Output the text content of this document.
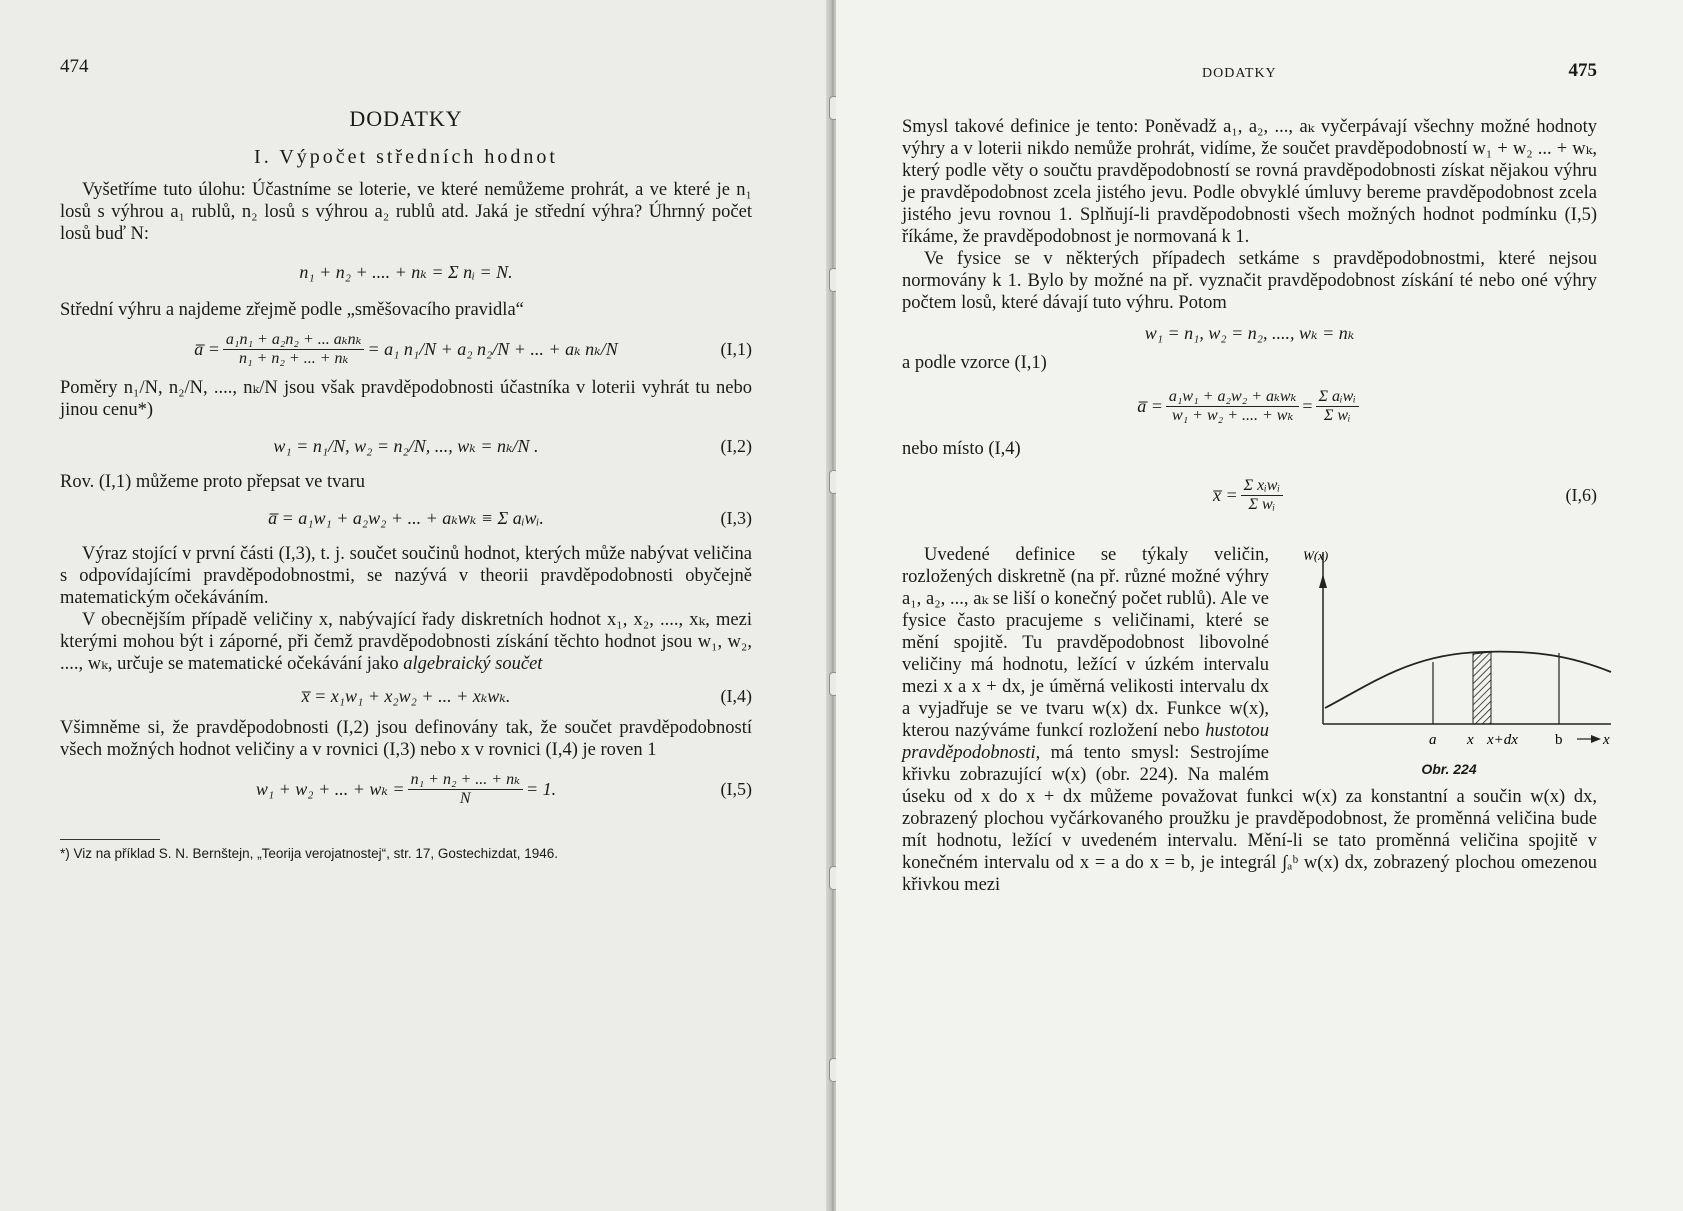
474
DODATKY
I. Výpočet středních hodnot

Vyšetříme tuto úlohu: Účastníme se loterie, ve které nemůžeme prohrát, a ve které je n₁ losů s výhrou a₁ rublů, n₂ losů s výhrou a₂ rublů atd. Jaká je střední výhra? Úhrnný počet losů buď N:

n₁ + n₂ + .... + nₖ = Σ nᵢ = N.

Střední výhru a najdeme zřejmě podle „směšovacího pravidla“

a̅ = $\frac{\text{a₁n₁ + a₂n₂ + ... aₖnₖ}}{\text{n₁ + n₂ + ... + nₖ}} = a_1$ n₁/N + a₂ n₂/N + ... + aₖ nₖ/N	(I,1)

Poměry n₁/N, n₂/N, ...., nₖ/N jsou však pravděpodobnosti účastníka v loterii vyhrát tu nebo jinou cenu*)

w₁ = n₁/N, w₂ = n₂/N, ..., wₖ = nₖ/N .	(I,2)

Rov. (I,1) můžeme proto přepsat ve tvaru

a̅ = a₁w₁ + a₂w₂ + ... + aₖwₖ ≡ Σ aᵢwᵢ.	(I,3)

Výraz stojící v první části (I,3), t. j. součet součinů hodnot, kterých může nabývat veličina s odpovídajícími pravděpodobnostmi, se nazývá v theorii pravděpodobnosti obyčejně matematickým očekáváním.

V obecnějším případě veličiny x, nabývající řady diskretních hodnot x₁, x₂, ...., xₖ, mezi kterými mohou být i záporné, při čemž pravděpodobnosti získání těchto hodnot jsou w₁, w₂, ...., wₖ, určuje se matematické očekávání jako algebraický součet

x̅ = x₁w₁ + x₂w₂ + ... + xₖwₖ.	(I,4)

Všimněme si, že pravděpodobnosti (I,2) jsou definovány tak, že součet pravděpodobností všech možných hodnot veličiny a v rovnici (I,3) nebo x v rovnici (I,4) je roven 1

w₁ + w₂ + ... + $w_k = \frac{\text{n₁ + n₂ + ... + nₖ}}{N} = 1$.	(I,5)
*) Viz na příklad S. N. Bernštejn, „Teorija verojatnostej“, str. 17, Gostechizdat, 1946.
DODATKY	475

Smysl takové definice je tento: Poněvadž a₁, a₂, ..., aₖ vyčerpávají všechny možné hodnoty výhry a v loterii nikdo nemůže prohrát, vidíme, že součet pravděpodobností w₁ + w₂ ... + wₖ, který podle věty o součtu pravděpodobností se rovná pravděpodobnosti získat nějakou výhru je pravděpodobnost zcela jistého jevu. Podle obvyklé úmluvy bereme pravděpodobnost zcela jistého jevu rovnou 1. Splňují-li pravděpodobnosti všech možných hodnot podmínku (I,5) říkáme, že pravděpodobnost je normovaná k 1.

Ve fysice se v některých případech setkáme s pravděpodobnostmi, které nejsou normovány k 1. Bylo by možné na př. vyznačit pravděpodobnost získání té nebo oné výhry počtem losů, které dávají tuto výhru. Potom

w₁ = n₁, w₂ = n₂, ...., wₖ = nₖ

a podle vzorce (I,1)

a̅ = $\frac{\text{a₁w₁ + a₂w₂ + aₖwₖ}}{\text{w₁ + w₂ + .... + wₖ}} = \frac{\text{Σ aᵢwᵢ}}{\text{Σ wᵢ}}$

nebo místo (I,4)

x̅ = $\frac{\text{Σ xᵢwᵢ}}{\text{Σ wᵢ}}$	(I,6)

W(x)
a x x+dx b	x
Obr. 224
Uvedené definice se týkaly veličin, rozložených diskretně (na př. různé možné výhry a₁, a₂, ..., aₖ se liší o konečný počet rublů). Ale ve fysice často pracujeme s veličinami, které se mění spojitě. Tu pravděpodobnost libovolné veličiny má hodnotu, ležící v úzkém intervalu mezi x a x + dx, je úměrná velikosti intervalu dx a vyjadřuje se ve tvaru w(x) dx. Funkce w(x), kterou nazýváme funkcí rozložení nebo hustotou pravděpodobnosti, má tento smysl: Sestrojíme křivku zobrazující w(x) (obr. 224). Na malém úseku od x do x + dx můžeme považovat funkci w(x) za konstantní a součin w(x) dx, zobrazený plochou vyčárkovaného proužku je pravděpodobnost, že proměnná veličina bude mít hodnotu, ležící v uvedeném intervalu. Mění-li se tato proměnná veličina spojitě v konečném intervalu od x = a do x = b, je integrál ∫ₐᵇ w(x) dx, zobrazený plochou omezenou křivkou mezi
